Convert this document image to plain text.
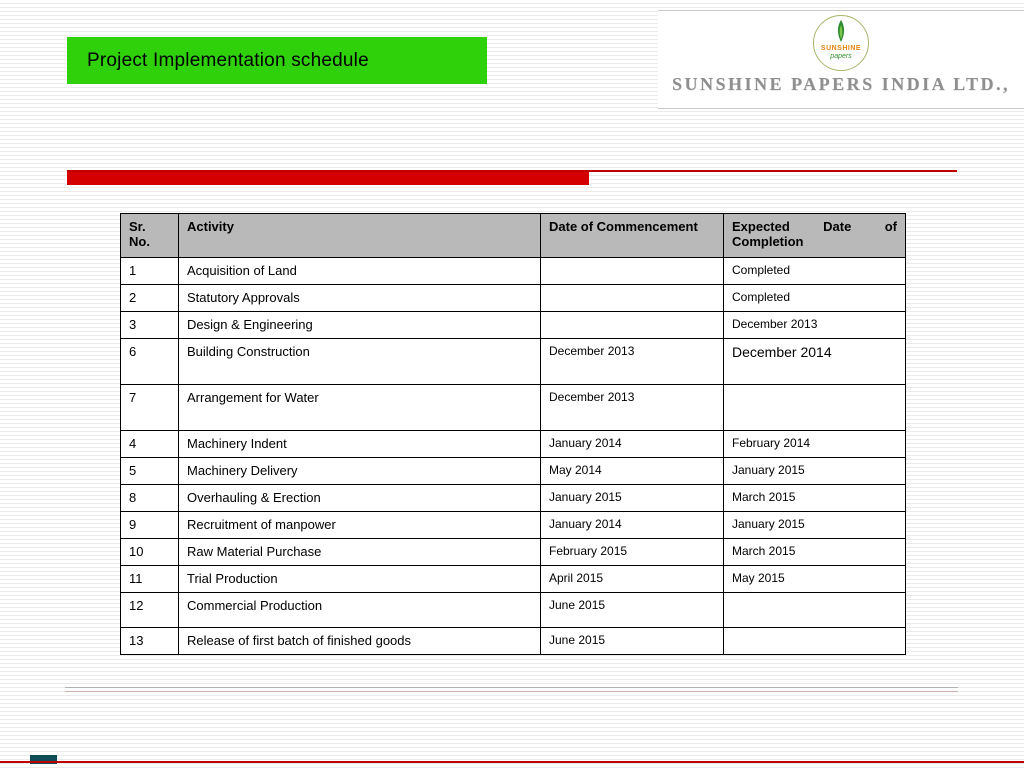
Project Implementation schedule
SUNSHINE
papers
SUNSHINE PAPERS INDIA LTD.,
Sr. No.	Activity	Date of Commencement	Expected Date of Completion
1	Acquisition of Land		Completed
2	Statutory Approvals		Completed
3	Design & Engineering		December 2013
6	Building Construction	December 2013	December 2014
7	Arrangement for Water	December 2013	
4	Machinery Indent	January 2014	February 2014
5	Machinery Delivery	May 2014	January 2015
8	Overhauling & Erection	January 2015	March 2015
9	Recruitment of manpower	January 2014	January 2015
10	Raw Material Purchase	February 2015	March 2015
11	Trial Production	April 2015	May 2015
12	Commercial Production	June 2015	
13	Release of first batch of finished goods	June 2015	
